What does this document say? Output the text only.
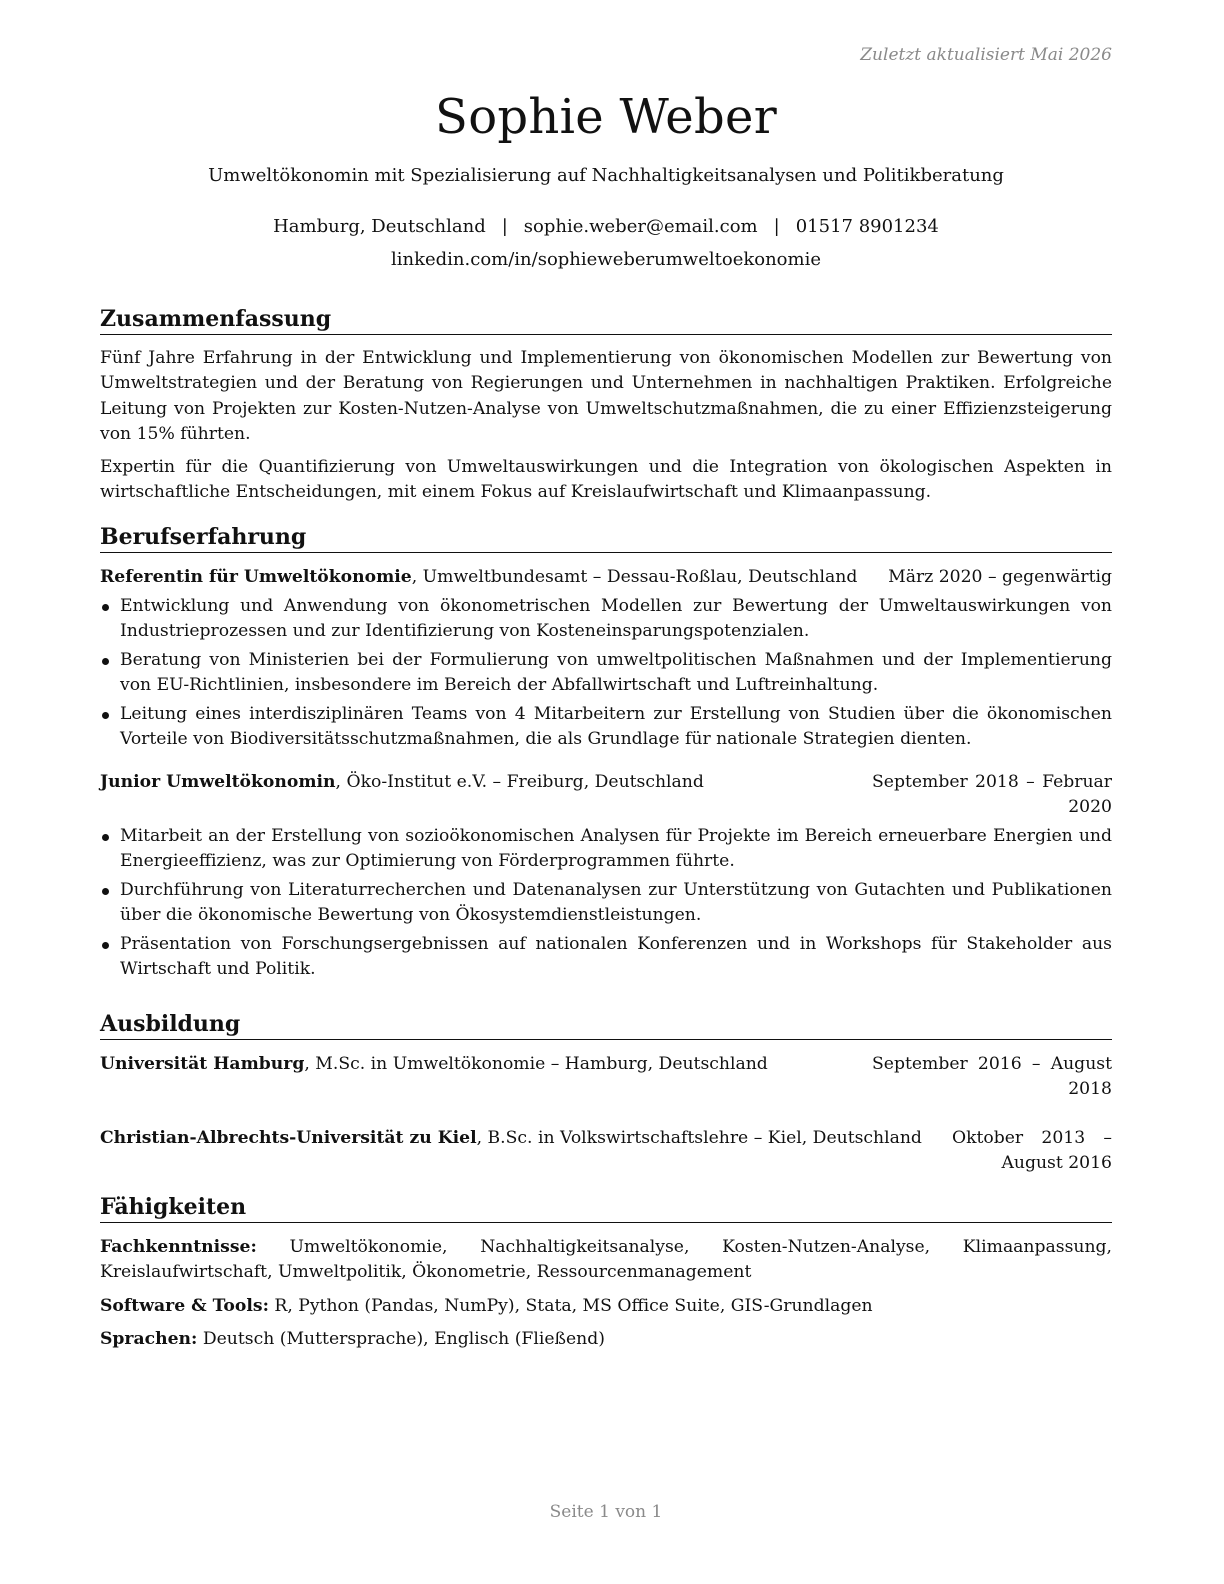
Zuletzt aktualisiert Mai 2026
Sophie Weber
Umweltökonomin mit Spezialisierung auf Nachhaltigkeitsanalysen und Politikberatung
Hamburg, Deutschland | sophie.weber@email.com | 01517 8901234
linkedin.com/in/sophieweberumweltoekonomie
Zusammenfassung

Fünf Jahre Erfahrung in der Entwicklung und Implementierung von ökonomischen Modellen zur Bewertung von Umweltstrategien und der Beratung von Regierungen und Unternehmen in nachhaltigen Praktiken. Erfolgreiche Leitung von Projekten zur Kosten-Nutzen-Analyse von Umweltschutzmaßnahmen, die zu einer Effizienzsteigerung von 15% führten.

Expertin für die Quantifizierung von Umweltauswirkungen und die Integration von ökologischen Aspekten in wirtschaftliche Entscheidungen, mit einem Fokus auf Kreislaufwirtschaft und Klimaanpassung.

Berufserfahrung
Referentin für Umweltökonomie, Umweltbundesamt – Dessau-Roßlau, Deutschland	März 2020 – gegenwärtig
Entwicklung und Anwendung von ökonometrischen Modellen zur Bewertung der Umweltauswirkungen von Industrieprozessen und zur Identifizierung von Kosteneinsparungspotenzialen.
Beratung von Ministerien bei der Formulierung von umweltpolitischen Maßnahmen und der Implementierung von EU-Richtlinien, insbesondere im Bereich der Abfallwirtschaft und Luftreinhaltung.
Leitung eines interdisziplinären Teams von 4 Mitarbeitern zur Erstellung von Studien über die ökonomischen Vorteile von Biodiversitätsschutzmaßnahmen, die als Grundlage für nationale Strategien dienten.
Junior Umweltökonomin, Öko-Institut e.V. – Freiburg, Deutschland	September 2018 – Februar 2020
Mitarbeit an der Erstellung von sozioökonomischen Analysen für Projekte im Bereich erneuerbare Energien und Energieeffizienz, was zur Optimierung von Förderprogrammen führte.
Durchführung von Literaturrecherchen und Datenanalysen zur Unterstützung von Gutachten und Publikationen über die ökonomische Bewertung von Ökosystemdienstleistungen.
Präsentation von Forschungsergebnissen auf nationalen Konferenzen und in Workshops für Stakeholder aus Wirtschaft und Politik.
Ausbildung
Universität Hamburg, M.Sc. in Umweltökonomie – Hamburg, Deutschland	September 2016 – August 2018
Christian-Albrechts-Universität zu Kiel, B.Sc. in Volkswirtschaftslehre – Kiel, Deutschland	Oktober 2013 – August 2016
Fähigkeiten

Fachkenntnisse: Umweltökonomie, Nachhaltigkeitsanalyse, Kosten-Nutzen-Analyse, Klimaanpassung, Kreislaufwirtschaft, Umweltpolitik, Ökonometrie, Ressourcenmanagement

Software & Tools: R, Python (Pandas, NumPy), Stata, MS Office Suite, GIS-Grundlagen

Sprachen: Deutsch (Muttersprache), Englisch (Fließend)

Seite 1 von 1
